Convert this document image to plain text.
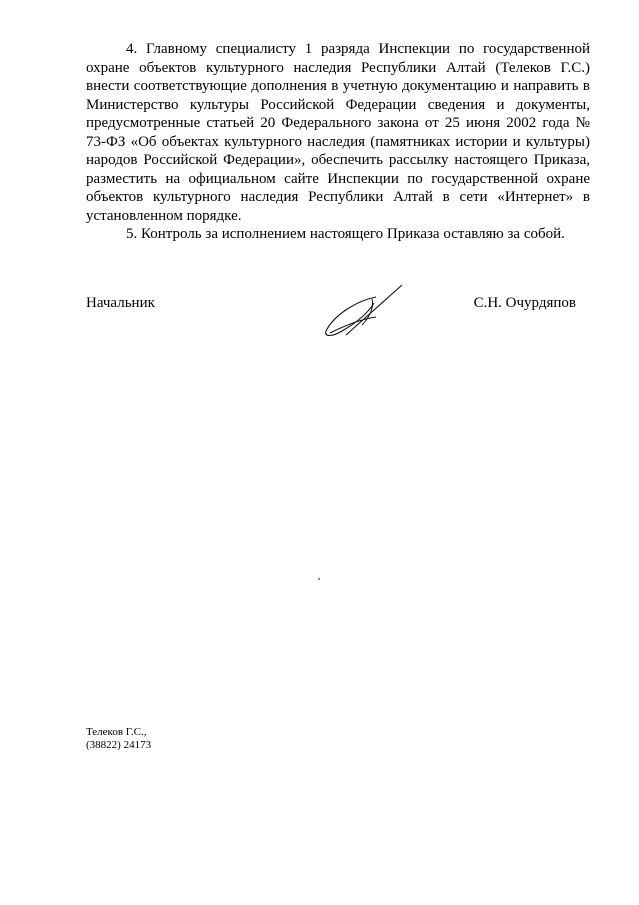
4. Главному специалисту 1 разряда Инспекции по государственной охране объектов культурного наследия Республики Алтай (Телеков Г.С.) внести соответствующие дополнения в учетную документацию и направить в Министерство культуры Российской Федерации сведения и документы, предусмотренные статьей 20 Федерального закона от 25 июня 2002 года № 73-ФЗ «Об объектах культурного наследия (памятниках истории и культуры) народов Российской Федерации», обеспечить рассылку настоящего Приказа, разместить на официальном сайте Инспекции по государственной охране объектов культурного наследия Республики Алтай в сети «Интернет» в установленном порядке.

5. Контроль за исполнением настоящего Приказа оставляю за собой.

Начальник	С.Н. Очурдяпов
Телеков Г.С.,
(38822) 24173
